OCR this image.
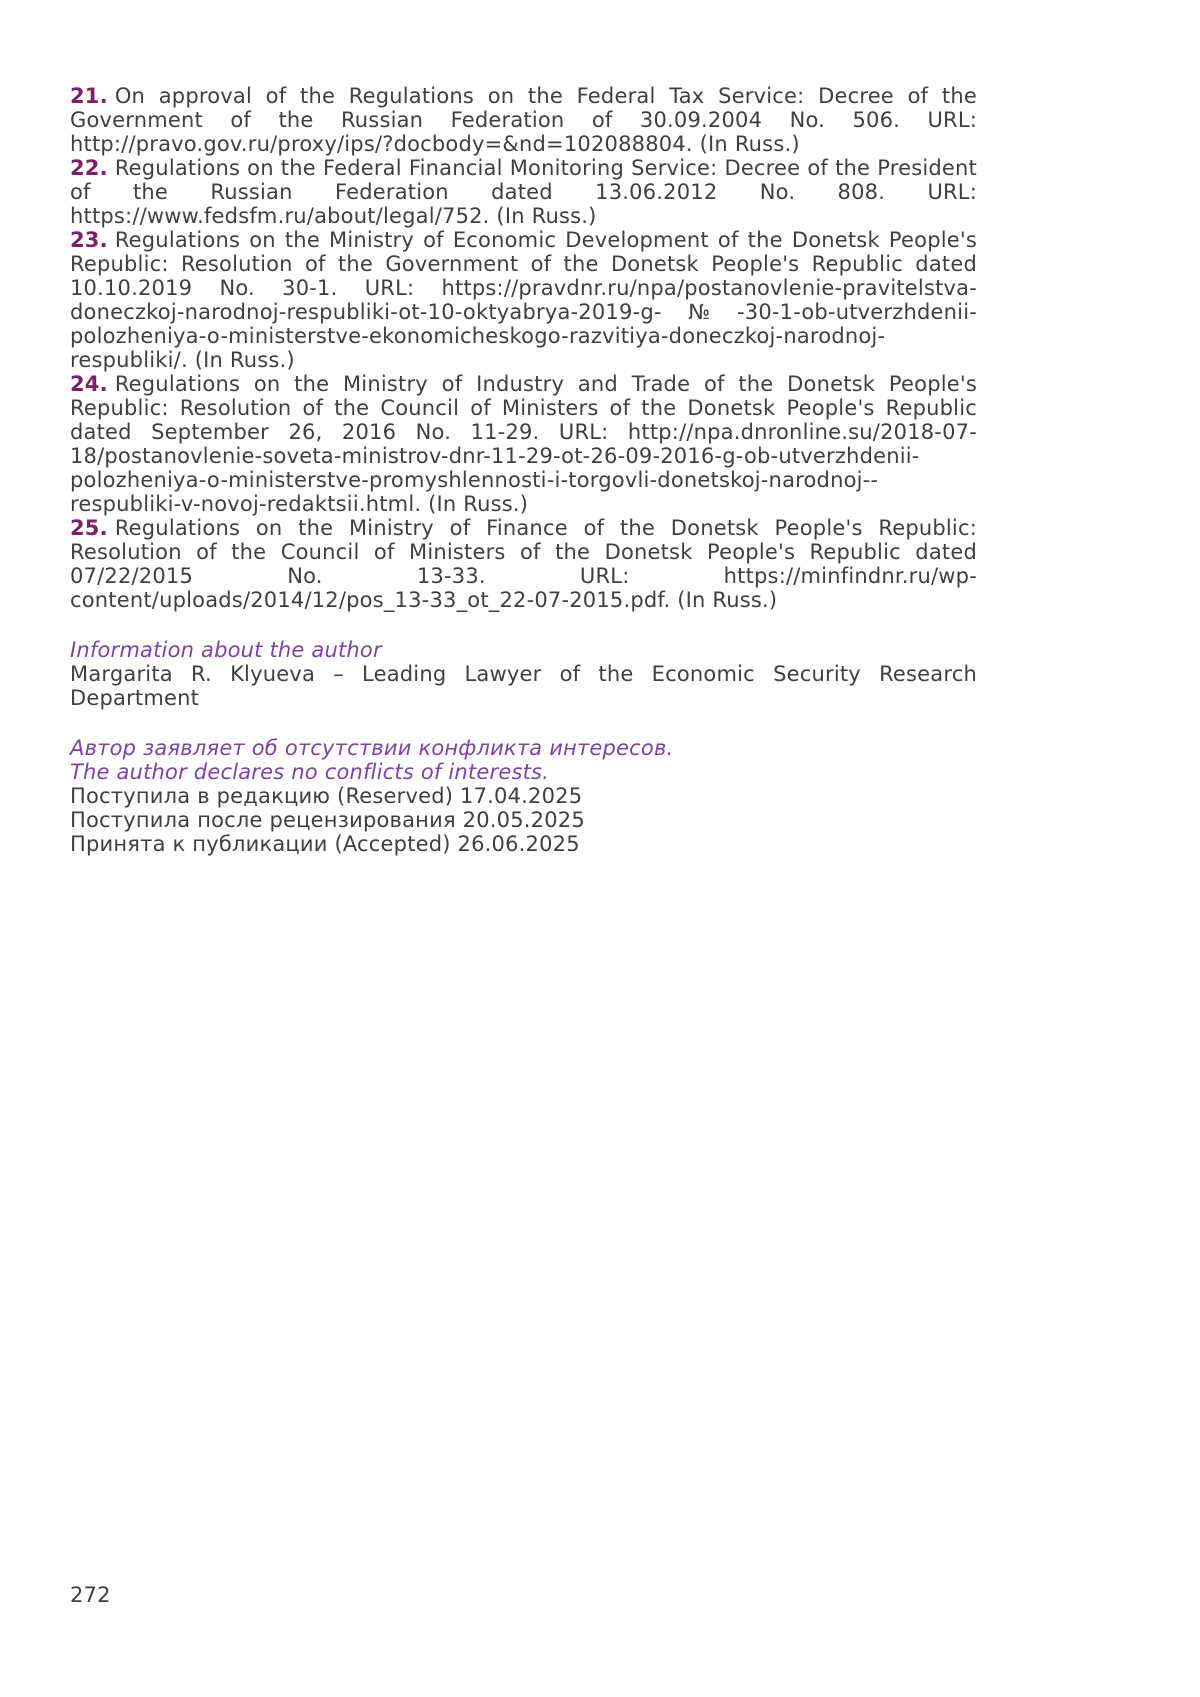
21. On approval of the Regulations on the Federal Tax Service: Decree of the Government of the Russian Federation of 30.09.2004 No. 506. URL: http://pravo.gov.ru/proxy/ips/?docbody=&nd=102088804. (In Russ.)

22. Regulations on the Federal Financial Monitoring Service: Decree of the President of the Russian Federation dated 13.06.2012 No. 808. URL: https://www.fedsfm.ru/about/legal/752. (In Russ.)

23. Regulations on the Ministry of Economic Development of the Donetsk People's Republic: Resolution of the Government of the Donetsk People's Republic dated 10.10.2019 No. 30-1. URL: https://pravdnr.ru/npa/postanovlenie-pravitelstva-doneczkoj-narodnoj-respubliki-ot-10-oktyabrya-2019-g-№-30-1-ob-utverzhdenii-polozheniya-o-ministerstve-ekonomicheskogo-razvitiya-doneczkoj-narodnoj-respubliki/. (In Russ.)

24. Regulations on the Ministry of Industry and Trade of the Donetsk People's Republic: Resolution of the Council of Ministers of the Donetsk People's Republic dated September 26, 2016 No. 11-29. URL: http://npa.dnronline.su/2018-07-18/postanovlenie-soveta-ministrov-dnr-11-29-ot-26-09-2016-g-ob-utverzhdenii-polozheniya-o-ministerstve-promyshlennosti-i-torgovli-donetskoj-narodnoj--respubliki-v-novoj-redaktsii.html. (In Russ.)

25. Regulations on the Ministry of Finance of the Donetsk People's Republic: Resolution of the Council of Ministers of the Donetsk People's Republic dated 07/22/2015 No. 13-33. URL: https://minfindnr.ru/wp-content/uploads/2014/12/pos_13-33_ot_22-07-2015.pdf. (In Russ.)

Information about the author

Margarita R. Klyueva – Leading Lawyer of the Economic Security Research Department

Автор заявляет об отсутствии конфликта интересов.

The author declares no conflicts of interests.

Поступила в редакцию (Reserved) 17.04.2025

Поступила после рецензирования 20.05.2025

Принята к публикации (Accepted) 26.06.2025

272
